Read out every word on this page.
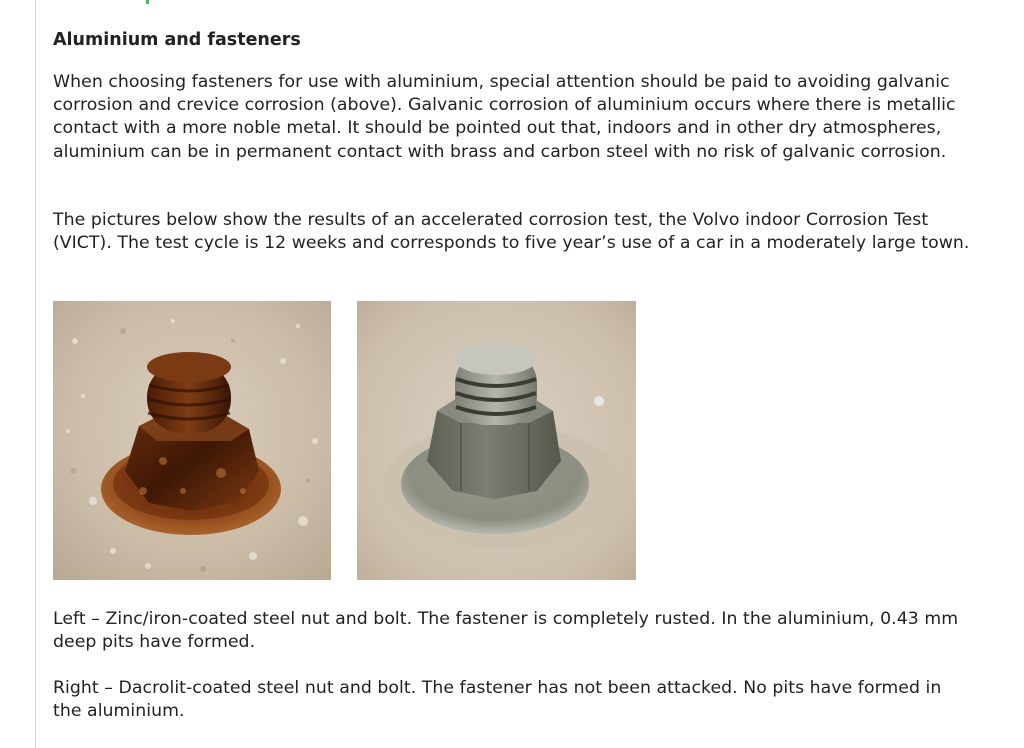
Aluminium and fasteners

When choosing fasteners for use with aluminium, special attention should be paid to avoiding galvanic corrosion and crevice corrosion (above). Galvanic corrosion of aluminium occurs where there is metallic contact with a more noble metal. It should be pointed out that, indoors and in other dry atmospheres, aluminium can be in permanent contact with brass and carbon steel with no risk of galvanic corrosion.

The pictures below show the results of an accelerated corrosion test, the Volvo indoor Corrosion Test (VICT). The test cycle is 12 weeks and corresponds to five year’s use of a car in a moderately large town.

Left – Zinc/iron-coated steel nut and bolt. The fastener is completely rusted. In the aluminium, 0.43 mm deep pits have formed.

Right – Dacrolit-coated steel nut and bolt. The fastener has not been attacked. No pits have formed in the aluminium.
